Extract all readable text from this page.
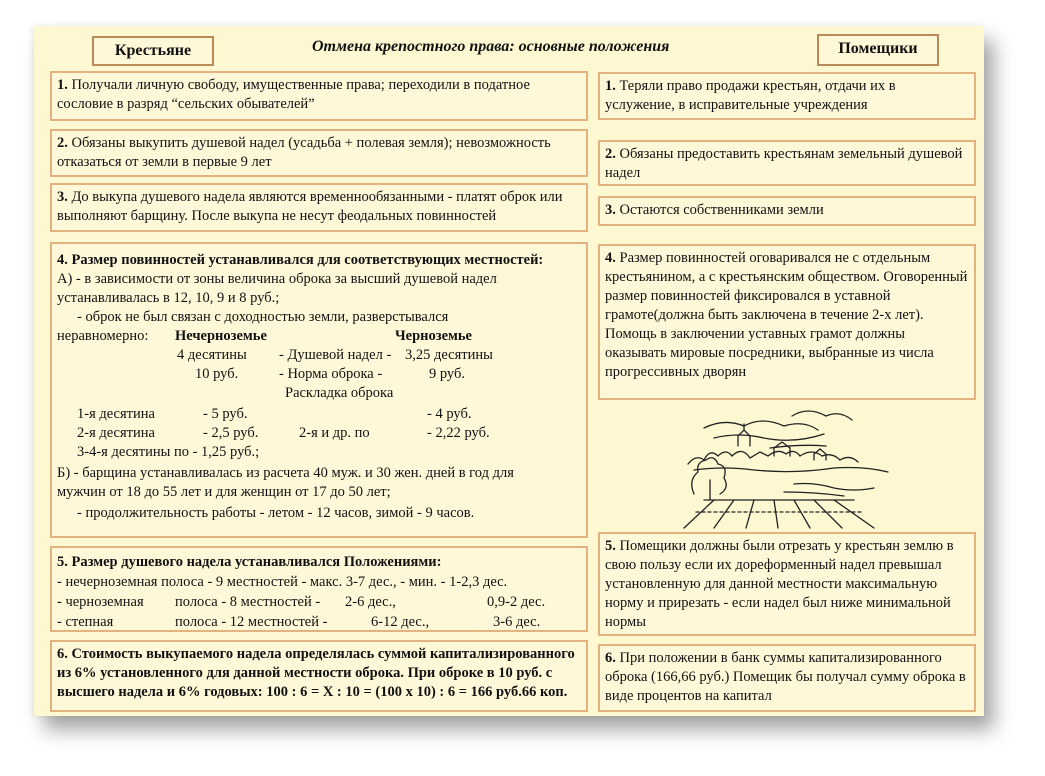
Крестьяне	Отмена крепостного права: основные положения	Помещики
1. Получали личную свободу, имущественные права; переходили в податное сословие в разряд “сельских обывателей”
2. Обязаны выкупить душевой надел (усадьба + полевая земля); невозможность отказаться от земли в первые 9 лет
3. До выкупа душевого надела являются временнообязанными - платят оброк или выполняют барщину. После выкупа не несут феодальных повинностей
4. Размер повинностей устанавливался для соответствующих местностей:
А) - в зависимости от зоны величина оброка за высший душевой надел
устанавливалась в 12, 10, 9 и 8 руб.;
- оброк не был связан с доходностью земли, разверстывался
неравномерно: Нечерноземье	Черноземье
4 десятины - Душевой надел - 3,25 десятины
10 руб.	- Норма оброка -	9 руб.
Раскладка оброка
1-я десятина	- 5 руб.	- 4 руб.
2-я десятина	- 2,5 руб.	2-я и др. по	- 2,22 руб.
3-4-я десятины по - 1,25 руб.;
Б) - барщина устанавливалась из расчета 40 муж. и 30 жен. дней в год для
мужчин от 18 до 55 лет и для женщин от 17 до 50 лет;
- продолжительность работы - летом - 12 часов, зимой - 9 часов.
5. Размер душевого надела устанавливался Положениями:
- нечерноземная полоса - 9 местностей - макс. 3-7 дес., - мин. - 1-2,3 дес.
- черноземная полоса - 8 местностей - 2-6 дес.,	0,9-2 дес.
- степная	полоса - 12 местностей -	6-12 дес.,	3-6 дес.
6. Стоимость выкупаемого надела определялась суммой капитализированного из 6% установленного для данной местности оброка. При оброке в 10 руб. с высшего надела и 6% годовых: 100 : 6 = Х : 10 = (100 х 10) : 6 = 166 руб.66 коп.
1. Теряли право продажи крестьян, отдачи их в услужение, в исправительные учреждения
2. Обязаны предоставить крестьянам земельный душевой надел
3. Остаются собственниками земли
4. Размер повинностей оговаривался не с отдельным крестьянином, а с крестьянским обществом. Оговоренный размер повинностей фиксировался в уставной грамоте(должна быть заключена в течение 2-х лет). Помощь в заключении уставных грамот должны оказывать мировые посредники, выбранные из числа прогрессивных дворян
5. Помещики должны были отрезать у крестьян землю в свою пользу если их дореформенный надел превышал установленную для данной местности максимальную норму и прирезать - если надел был ниже минимальной нормы
6. При положении в банк суммы капитализированного оброка (166,66 руб.) Помещик бы получал сумму оброка в виде процентов на капитал
